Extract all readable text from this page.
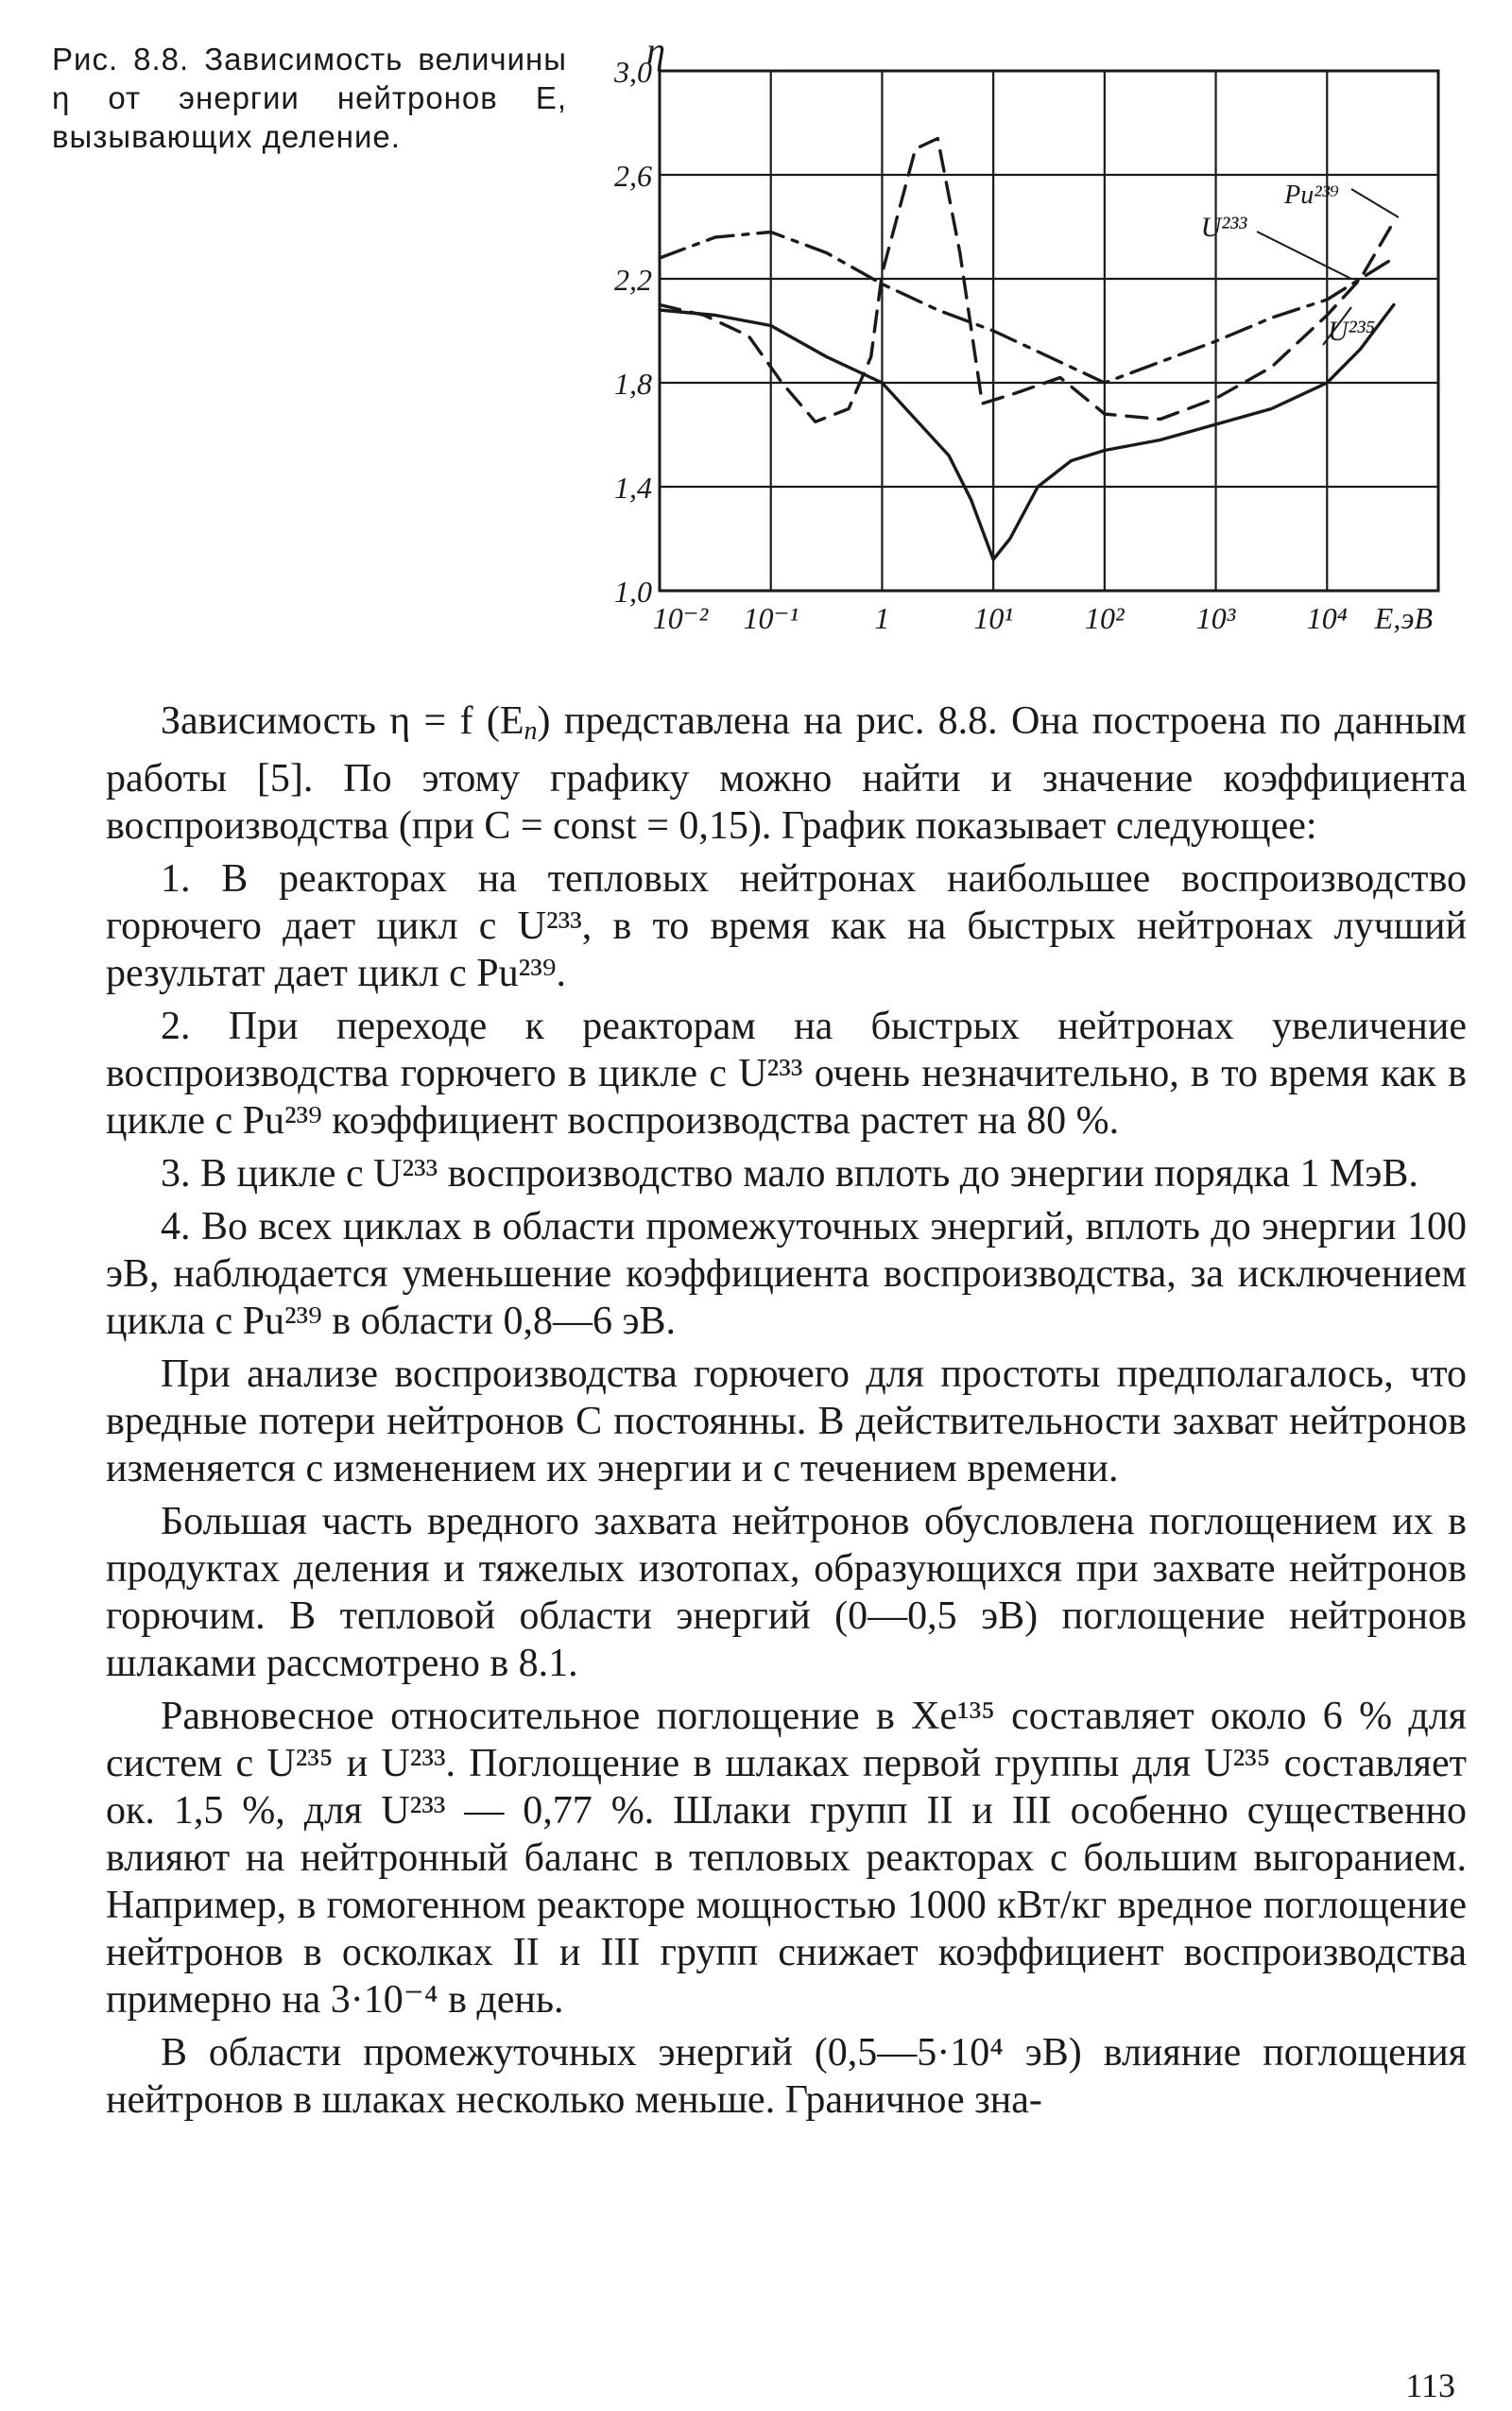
Рис. 8.8. Зависимость величины η от энергии нейтронов E, вызывающих деление.
1,0
1,4
1,8
2,2
2,6
3,0
η
10⁻² 10⁻¹	1	10¹ 10² 10³ 10⁴ E,эВ
U²³³
Pu²³⁹
U²³⁵

Зависимость η = f (En) представлена на рис. 8.8. Она построена по данным работы [5]. По этому графику можно найти и значение коэффициента воспроизводства (при C = const = 0,15). График показывает следующее:

1. В реакторах на тепловых нейтронах наибольшее воспроизводство горючего дает цикл с U²³³, в то время как на быстрых нейтронах лучший результат дает цикл с Pu²³⁹.

2. При переходе к реакторам на быстрых нейтронах увеличение воспроизводства горючего в цикле с U²³³ очень незначительно, в то время как в цикле с Pu²³⁹ коэффициент воспроизводства растет на 80 %.

3. В цикле с U²³³ воспроизводство мало вплоть до энергии порядка 1 МэВ.

4. Во всех циклах в области промежуточных энергий, вплоть до энергии 100 эВ, наблюдается уменьшение коэффициента воспроизводства, за исключением цикла с Pu²³⁹ в области 0,8—6 эВ.

При анализе воспроизводства горючего для простоты предполагалось, что вредные потери нейтронов C постоянны. В действительности захват нейтронов изменяется с изменением их энергии и с течением времени.

Большая часть вредного захвата нейтронов обусловлена поглощением их в продуктах деления и тяжелых изотопах, образующихся при захвате нейтронов горючим. В тепловой области энергий (0—0,5 эВ) поглощение нейтронов шлаками рассмотрено в 8.1.

Равновесное относительное поглощение в Xe¹³⁵ составляет около 6 % для систем с U²³⁵ и U²³³. Поглощение в шлаках первой группы для U²³⁵ составляет ок. 1,5 %, для U²³³ — 0,77 %. Шлаки групп II и III особенно существенно влияют на нейтронный баланс в тепловых реакторах с большим выгоранием. Например, в гомогенном реакторе мощностью 1000 кВт/кг вредное поглощение нейтронов в осколках II и III групп снижает коэффициент воспроизводства примерно на 3·10⁻⁴ в день.

В области промежуточных энергий (0,5—5·10⁴ эВ) влияние поглощения нейтронов в шлаках несколько меньше. Граничное зна-

113
